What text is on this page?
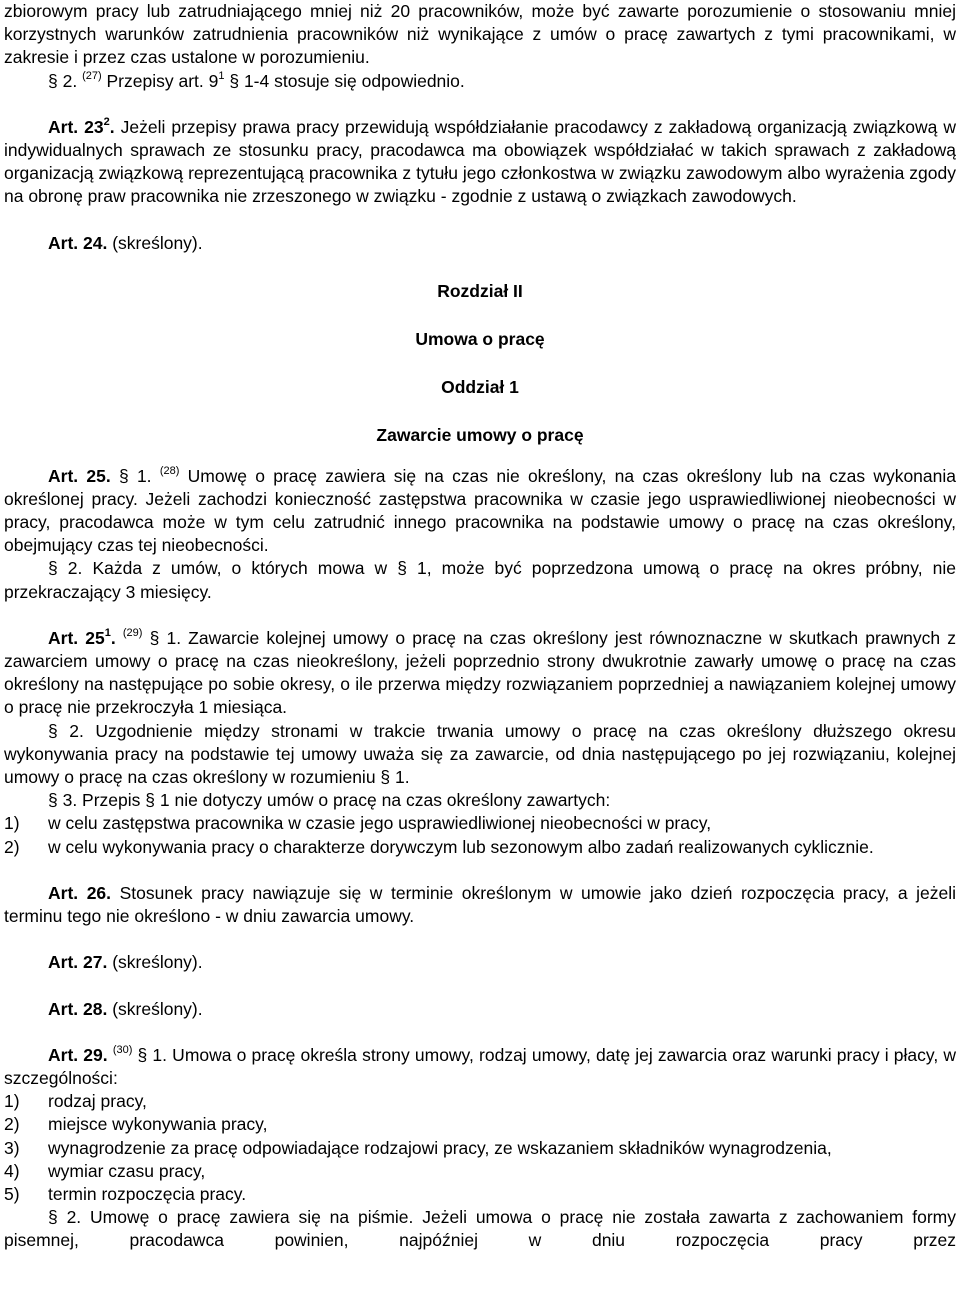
zbiorowym pracy lub zatrudniającego mniej niż 20 pracowników, może być zawarte porozumienie o stosowaniu mniej korzystnych warunków zatrudnienia pracowników niż wynikające z umów o pracę zawartych z tymi pracownikami, w zakresie i przez czas ustalone w porozumieniu.

§ 2. $^{(27)}$ Przepisy art. $9^1$ § 1-4 stosuje się odpowiednio.

Art. $23^2$. Jeżeli przepisy prawa pracy przewidują współdziałanie pracodawcy z zakładową organizacją związkową w indywidualnych sprawach ze stosunku pracy, pracodawca ma obowiązek współdziałać w takich sprawach z zakładową organizacją związkową reprezentującą pracownika z tytułu jego członkostwa w związku zawodowym albo wyrażenia zgody na obronę praw pracownika nie zrzeszonego w związku - zgodnie z ustawą o związkach zawodowych.

Art. 24. (skreślony).

Rozdział II

Umowa o pracę

Oddział 1

Zawarcie umowy o pracę

Art. 25. § 1. $^{(28)}$ Umowę o pracę zawiera się na czas nie określony, na czas określony lub na czas wykonania określonej pracy. Jeżeli zachodzi konieczność zastępstwa pracownika w czasie jego usprawiedliwionej nieobecności w pracy, pracodawca może w tym celu zatrudnić innego pracownika na podstawie umowy o pracę na czas określony, obejmujący czas tej nieobecności.

§ 2. Każda z umów, o których mowa w § 1, może być poprzedzona umową o pracę na okres próbny, nie przekraczający 3 miesięcy.

Art. $25^1$. $^{(29)}$ § 1. Zawarcie kolejnej umowy o pracę na czas określony jest równoznaczne w skutkach prawnych z zawarciem umowy o pracę na czas nieokreślony, jeżeli poprzednio strony dwukrotnie zawarły umowę o pracę na czas określony na następujące po sobie okresy, o ile przerwa między rozwiązaniem poprzedniej a nawiązaniem kolejnej umowy o pracę nie przekroczyła 1 miesiąca.

§ 2. Uzgodnienie między stronami w trakcie trwania umowy o pracę na czas określony dłuższego okresu wykonywania pracy na podstawie tej umowy uważa się za zawarcie, od dnia następującego po jej rozwiązaniu, kolejnej umowy o pracę na czas określony w rozumieniu § 1.

§ 3. Przepis § 1 nie dotyczy umów o pracę na czas określony zawartych:

1)	w celu zastępstwa pracownika w czasie jego usprawiedliwionej nieobecności w pracy,
2)	w celu wykonywania pracy o charakterze dorywczym lub sezonowym albo zadań realizowanych cyklicznie.

Art. 26. Stosunek pracy nawiązuje się w terminie określonym w umowie jako dzień rozpoczęcia pracy, a jeżeli terminu tego nie określono - w dniu zawarcia umowy.

Art. 27. (skreślony).

Art. 28. (skreślony).

Art. 29. $^{(30)}$ § 1. Umowa o pracę określa strony umowy, rodzaj umowy, datę jej zawarcia oraz warunki pracy i płacy, w szczególności:

1)	rodzaj pracy,
2)	miejsce wykonywania pracy,
3)	wynagrodzenie za pracę odpowiadające rodzajowi pracy, ze wskazaniem składników wynagrodzenia,
4)	wymiar czasu pracy,
5)	termin rozpoczęcia pracy.

§ 2. Umowę o pracę zawiera się na piśmie. Jeżeli umowa o pracę nie została zawarta z zachowaniem formy pisemnej, pracodawca powinien, najpóźniej w dniu rozpoczęcia pracy przez
